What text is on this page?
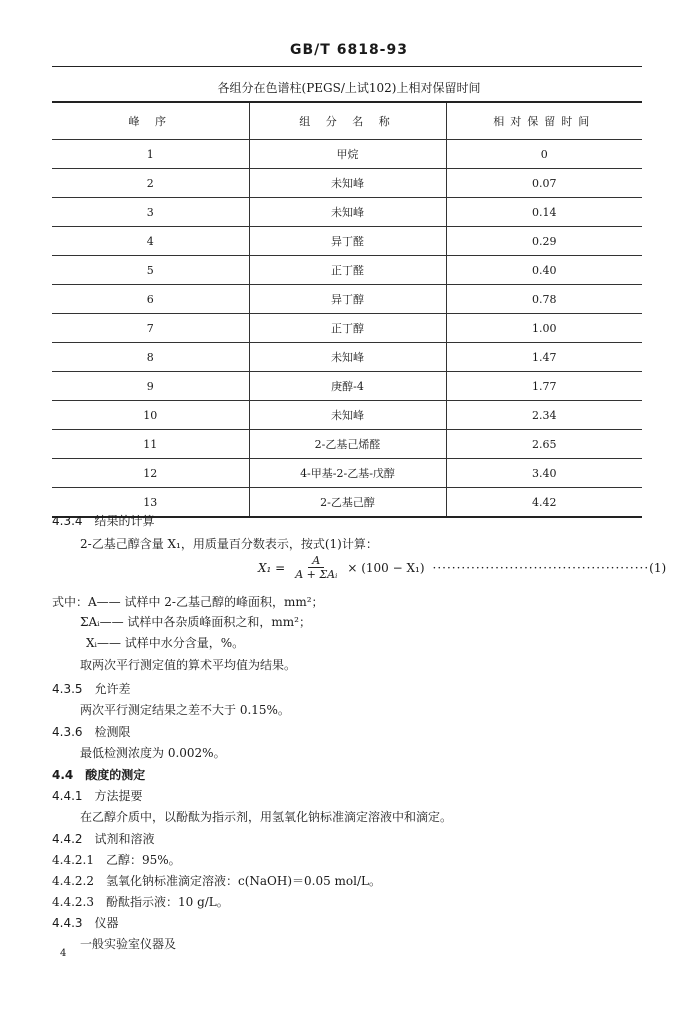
GB/T 6818-93
各组分在色谱柱(PEGS/上试102)上相对保留时间
峰 序	组 分 名 称	相对保留时间
1	甲烷	0
2	未知峰	0.07
3	未知峰	0.14
4	异丁醛	0.29
5	正丁醛	0.40
6	异丁醇	0.78
7	正丁醇	1.00
8	未知峰	1.47
9	庚醇-4	1.77
10	未知峰	2.34
11	2-乙基己烯醛	2.65
12	4-甲基-2-乙基-戊醇	3.40
13	2-乙基己醇	4.42
4.3.4　结果的计算
2-乙基己醇含量 X₁，用质量百分数表示，按式(1)计算：
$X_1 = \frac{A}{\text{A + ΣAᵢ}} \times (100 - X_1)$ ············································· (1)
式中：A—— 试样中 2-乙基己醇的峰面积，mm²；
ΣAᵢ—— 试样中各杂质峰面积之和，mm²；
Xᵢ—— 试样中水分含量，%。
取两次平行测定值的算术平均值为结果。
4.3.5　允许差
两次平行测定结果之差不大于 0.15%。
4.3.6　检测限
最低检测浓度为 0.002%。
4.4　酸度的测定
4.4.1　方法提要
在乙醇介质中，以酚酞为指示剂，用氢氧化钠标准滴定溶液中和滴定。
4.4.2　试剂和溶液
4.4.2.1　乙醇：95%。
4.4.2.2　氢氧化钠标准滴定溶液：c(NaOH)＝0.05 mol/L。
4.4.2.3　酚酞指示液：10 g/L。
4.4.3　仪器
一般实验室仪器及
4
